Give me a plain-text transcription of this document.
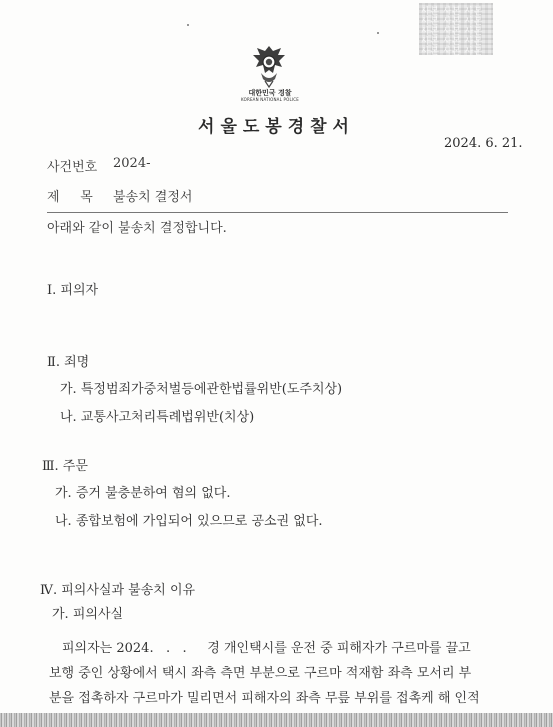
사본 사본 사본
사본 사본 사본
사본 사본 사본
사본 사본 사본
사본 사본 사본
대한민국 경찰
KOREAN NATIONAL POLICE
서울도봉경찰서
2024. 6. 21.
사건번호 2024-
제     목 불송치 결정서
아래와 같이 불송치 결정합니다.
Ⅰ. 피의자
Ⅱ. 죄명
가. 특정범죄가중처벌등에관한법률위반(도주치상)
나. 교통사고처리특례법위반(치상)
Ⅲ. 주문
가. 증거 불충분하여 혐의 없다.
나. 종합보험에 가입되어 있으므로 공소권 없다.
Ⅳ. 피의사실과 불송치 이유
가. 피의사실
피의자는 2024.   .   .     경 개인택시를 운전 중 피해자가 구르마를 끌고
보행 중인 상황에서 택시 좌측 측면 부분으로 구르마 적재함 좌측 모서리 부
분을 접촉하자 구르마가 밀리면서 피해자의 좌측 무릎 부위를 접촉케 해 인적
